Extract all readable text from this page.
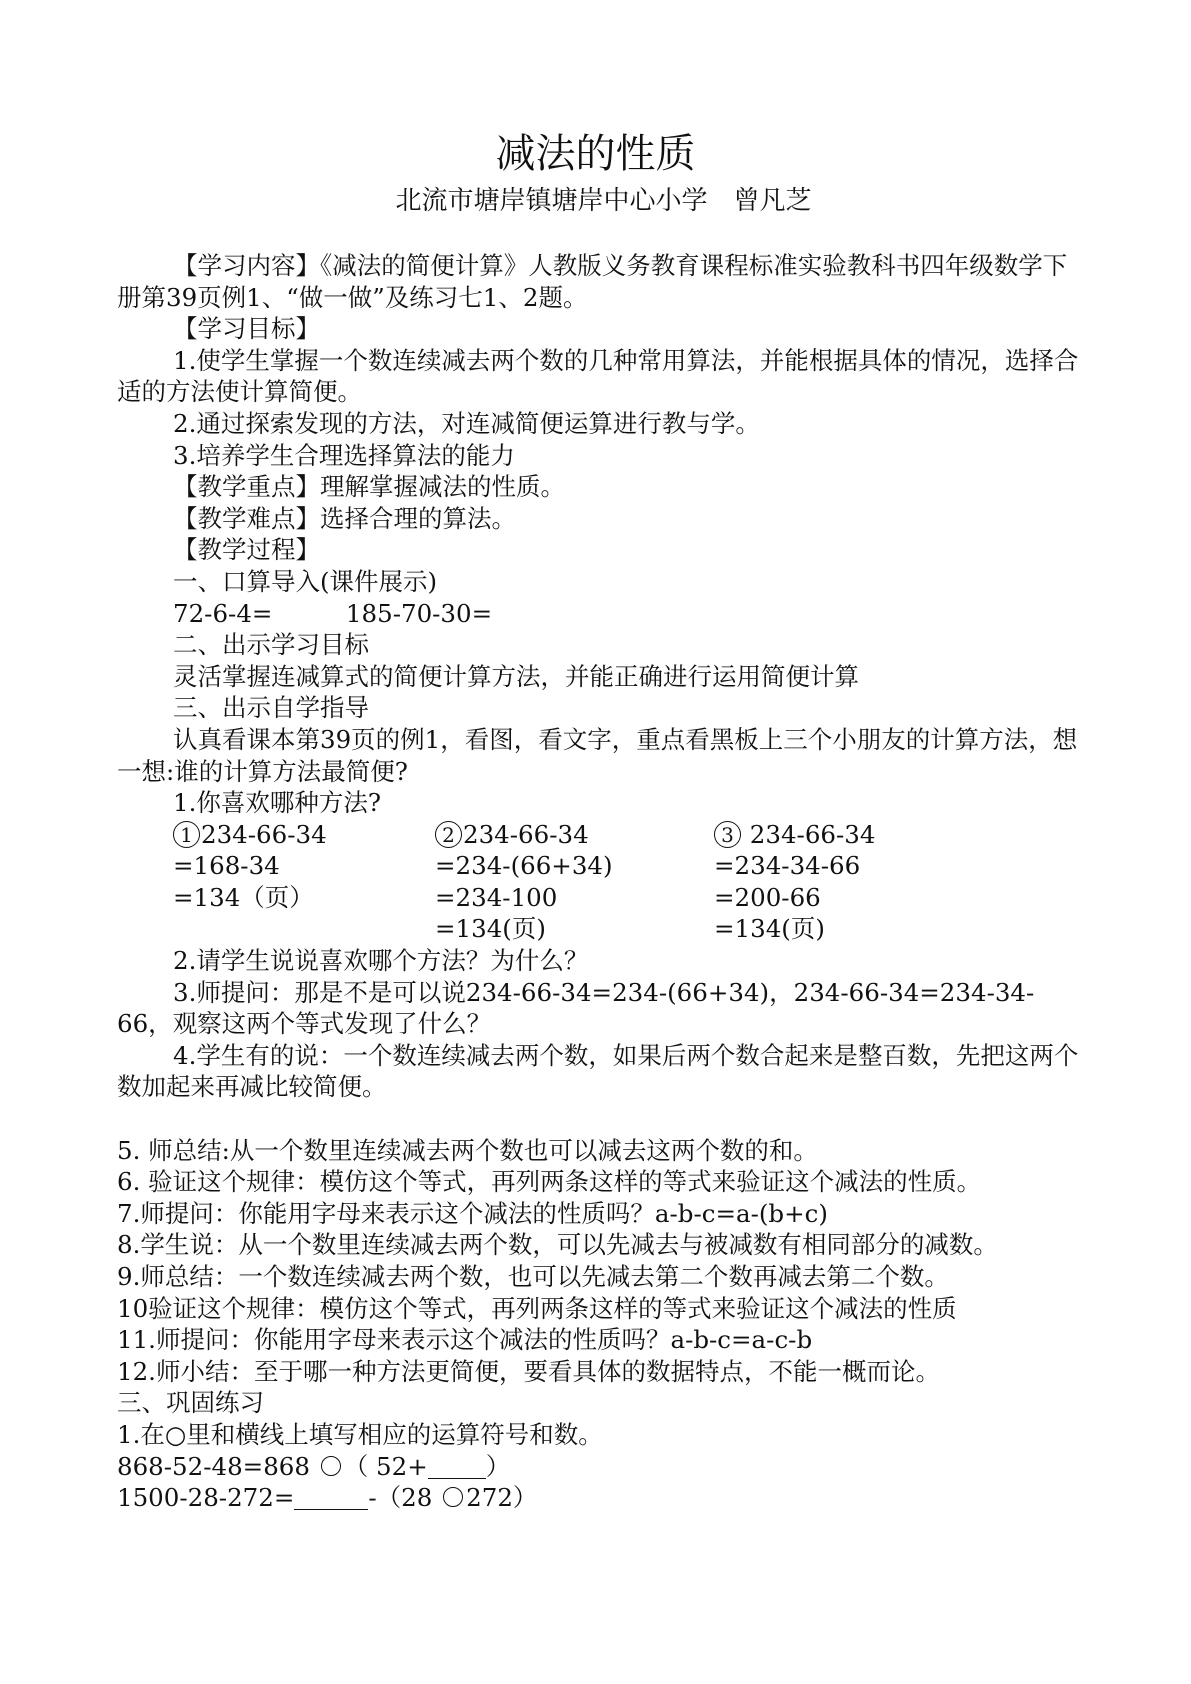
减法的性质
北流市塘岸镇塘岸中心小学　曾凡芝

【学习内容】《减法的简便计算》人教版义务教育课程标准实验教科书四年级数学下册第39页例1、“做一做”及练习七1、2题。

【学习目标】

1.使学生掌握一个数连续减去两个数的几种常用算法，并能根据具体的情况，选择合适的方法使计算简便。

2.通过探索发现的方法，对连减简便运算进行教与学。

3.培养学生合理选择算法的能力

【教学重点】理解掌握减法的性质。

【教学难点】选择合理的算法。

【教学过程】

一、口算导入(课件展示)

72-6-4=　　　185-70-30=

二、出示学习目标

灵活掌握连减算式的简便计算方法，并能正确进行运用简便计算

三、出示自学指导

认真看课本第39页的例1，看图，看文字，重点看黑板上三个小朋友的计算方法，想一想:谁的计算方法最简便?

1.你喜欢哪种方法?

1 234-66-34

=168-34

=134（页）

2 234-66-34

=234-(66+34)

=234-100

=134(页)

3 234-66-34

=234-34-66

=200-66

=134(页)

2.请学生说说喜欢哪个方法？为什么？

3.师提问：那是不是可以说234-66-34=234-(66+34)，234-66-34=234-34-66，观察这两个等式发现了什么？

4.学生有的说：一个数连续减去两个数，如果后两个数合起来是整百数，先把这两个数加起来再减比较简便。

5. 师总结:从一个数里连续减去两个数也可以减去这两个数的和。

6. 验证这个规律：模仿这个等式，再列两条这样的等式来验证这个减法的性质。

7.师提问：你能用字母来表示这个减法的性质吗？a-b-c=a-(b+c)

8.学生说：从一个数里连续减去两个数，可以先减去与被减数有相同部分的减数。

9.师总结：一个数连续减去两个数，也可以先减去第二个数再减去第二个数。

10验证这个规律：模仿这个等式，再列两条这样的等式来验证这个减法的性质

11.师提问：你能用字母来表示这个减法的性质吗？a-b-c=a-c-b

12.师小结：至于哪一种方法更简便，要看具体的数据特点，不能一概而论。

三、巩固练习

1.在○里和横线上填写相应的运算符号和数。

868-52-48=868 （ 52+ ）

1500-28-272=	-（28 272）
